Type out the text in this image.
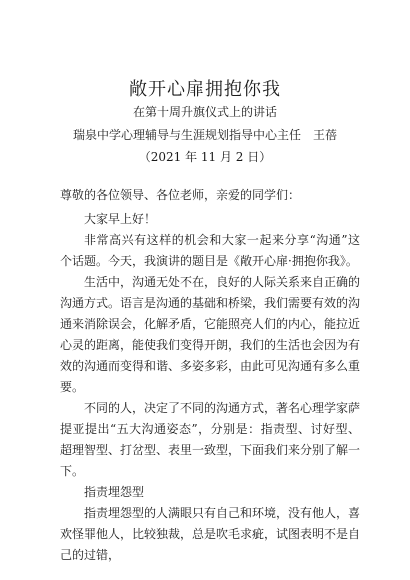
敞开心扉拥抱你我
在第十周升旗仪式上的讲话
瑞泉中学心理辅导与生涯规划指导中心主任　王蓓
（2021 年 11 月 2 日）
尊敬的各位领导、各位老师，亲爱的同学们：

大家早上好！

非常高兴有这样的机会和大家一起来分享“沟通”这个话题。今天，我演讲的题目是《敞开心扉·拥抱你我》。

生活中，沟通无处不在，良好的人际关系来自正确的沟通方式。语言是沟通的基础和桥梁，我们需要有效的沟通来消除误会，化解矛盾，它能照亮人们的内心，能拉近心灵的距离，能使我们变得开朗，我们的生活也会因为有效的沟通而变得和谐、多姿多彩，由此可见沟通有多么重要。

不同的人，决定了不同的沟通方式，著名心理学家萨提亚提出“五大沟通姿态”，分别是：指责型、讨好型、超理智型、打岔型、表里一致型，下面我们来分别了解一下。

指责埋怨型

指责埋怨型的人满眼只有自己和环境，没有他人，喜欢怪罪他人，比较独裁，总是吹毛求疵，试图表明不是自己的过错，
